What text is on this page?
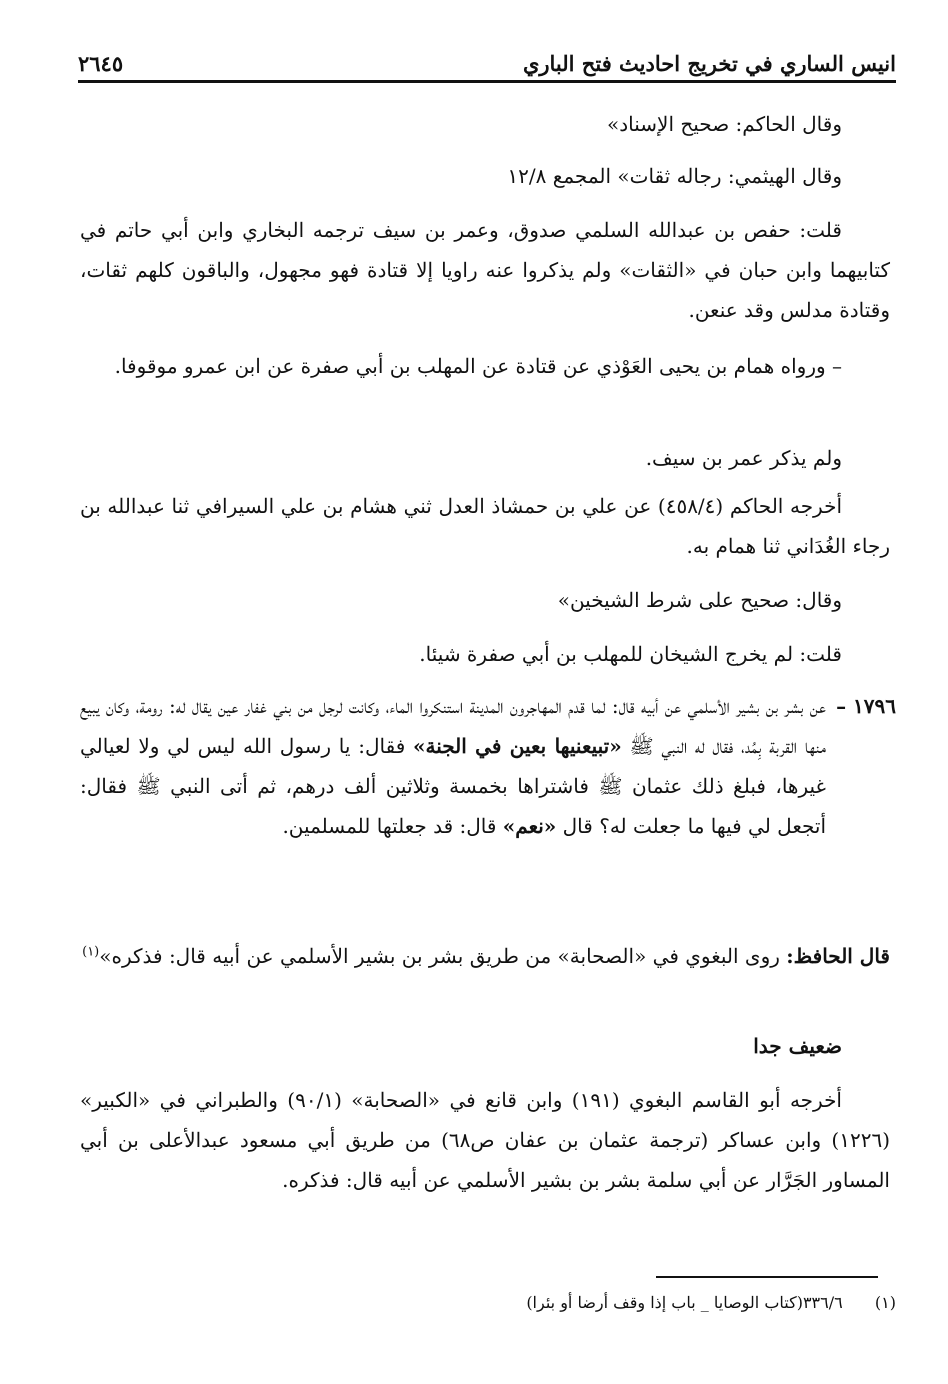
انيس الساري في تخريج احاديث فتح الباري
٢٦٤٥
وقال الحاكم: صحيح الإسناد»
وقال الهيثمي: رجاله ثقات» المجمع ١٢/٨
قلت: حفص بن عبدالله السلمي صدوق، وعمر بن سيف ترجمه البخاري وابن أبي حاتم في كتابيهما وابن حبان في «الثقات» ولم يذكروا عنه راويا إلا قتادة فهو مجهول، والباقون كلهم ثقات، وقتادة مدلس وقد عنعن.
– ورواه همام بن يحيى العَوْذي عن قتادة عن المهلب بن أبي صفرة عن ابن عمرو موقوفا.
ولم يذكر عمر بن سيف.
أخرجه الحاكم (٤٥٨/٤) عن علي بن حمشاذ العدل ثني هشام بن علي السيرافي ثنا عبدالله بن رجاء الغُدَاني ثنا همام به.
وقال: صحيح على شرط الشيخين»
قلت: لم يخرج الشيخان للمهلب بن أبي صفرة شيئا.
١٧٩٦ –
عن بشر بن بشير الأسلمي عن أبيه قال: لما قدم المهاجرون المدينة استنكروا الماء، وكانت لرجل من بني غفار عين يقال له: رومة، وكان يبيع منها القربة بِمُد، فقال له النبي ﷺ «تبيعنيها بعين في الجنة» فقال: يا رسول الله ليس لي ولا لعيالي غيرها، فبلغ ذلك عثمان ﷺ فاشتراها بخمسة وثلاثين ألف درهم، ثم أتى النبي ﷺ فقال: أتجعل لي فيها ما جعلت له؟ قال «نعم» قال: قد جعلتها للمسلمين.
قال الحافظ: روى البغوي في «الصحابة» من طريق بشر بن بشير الأسلمي عن أبيه قال: فذكره»$^{(١)}$
ضعيف جدا
أخرجه أبو القاسم البغوي (١٩١) وابن قانع في «الصحابة» (٩٠/١) والطبراني في «الكبير» (١٢٢٦) وابن عساكر (ترجمة عثمان بن عفان ص٦٨) من طريق أبي مسعود عبدالأعلى بن أبي المساور الجَرَّار عن أبي سلمة بشر بن بشير الأسلمي عن أبيه قال: فذكره.
(١)  ٣٣٦/٦(كتاب الوصايا _ باب إذا وقف أرضا أو بئرا)
